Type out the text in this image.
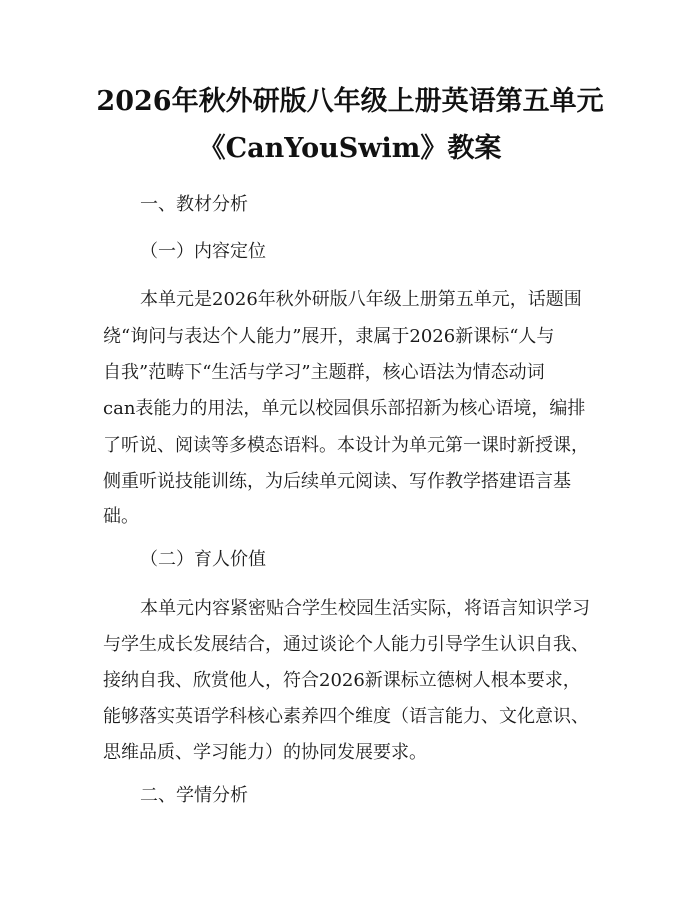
2026年秋外研版八年级上册英语第五单元
《CanYouSwim》教案
一、教材分析
（一）内容定位
本单元是2026年秋外研版八年级上册第五单元，话题围
绕“询问与表达个人能力”展开，隶属于2026新课标“人与
自我”范畴下“生活与学习”主题群，核心语法为情态动词
can表能力的用法，单元以校园俱乐部招新为核心语境，编排
了听说、阅读等多模态语料。本设计为单元第一课时新授课，
侧重听说技能训练，为后续单元阅读、写作教学搭建语言基
础。
（二）育人价值
本单元内容紧密贴合学生校园生活实际，将语言知识学习
与学生成长发展结合，通过谈论个人能力引导学生认识自我、
接纳自我、欣赏他人，符合2026新课标立德树人根本要求，
能够落实英语学科核心素养四个维度（语言能力、文化意识、
思维品质、学习能力）的协同发展要求。
二、学情分析
